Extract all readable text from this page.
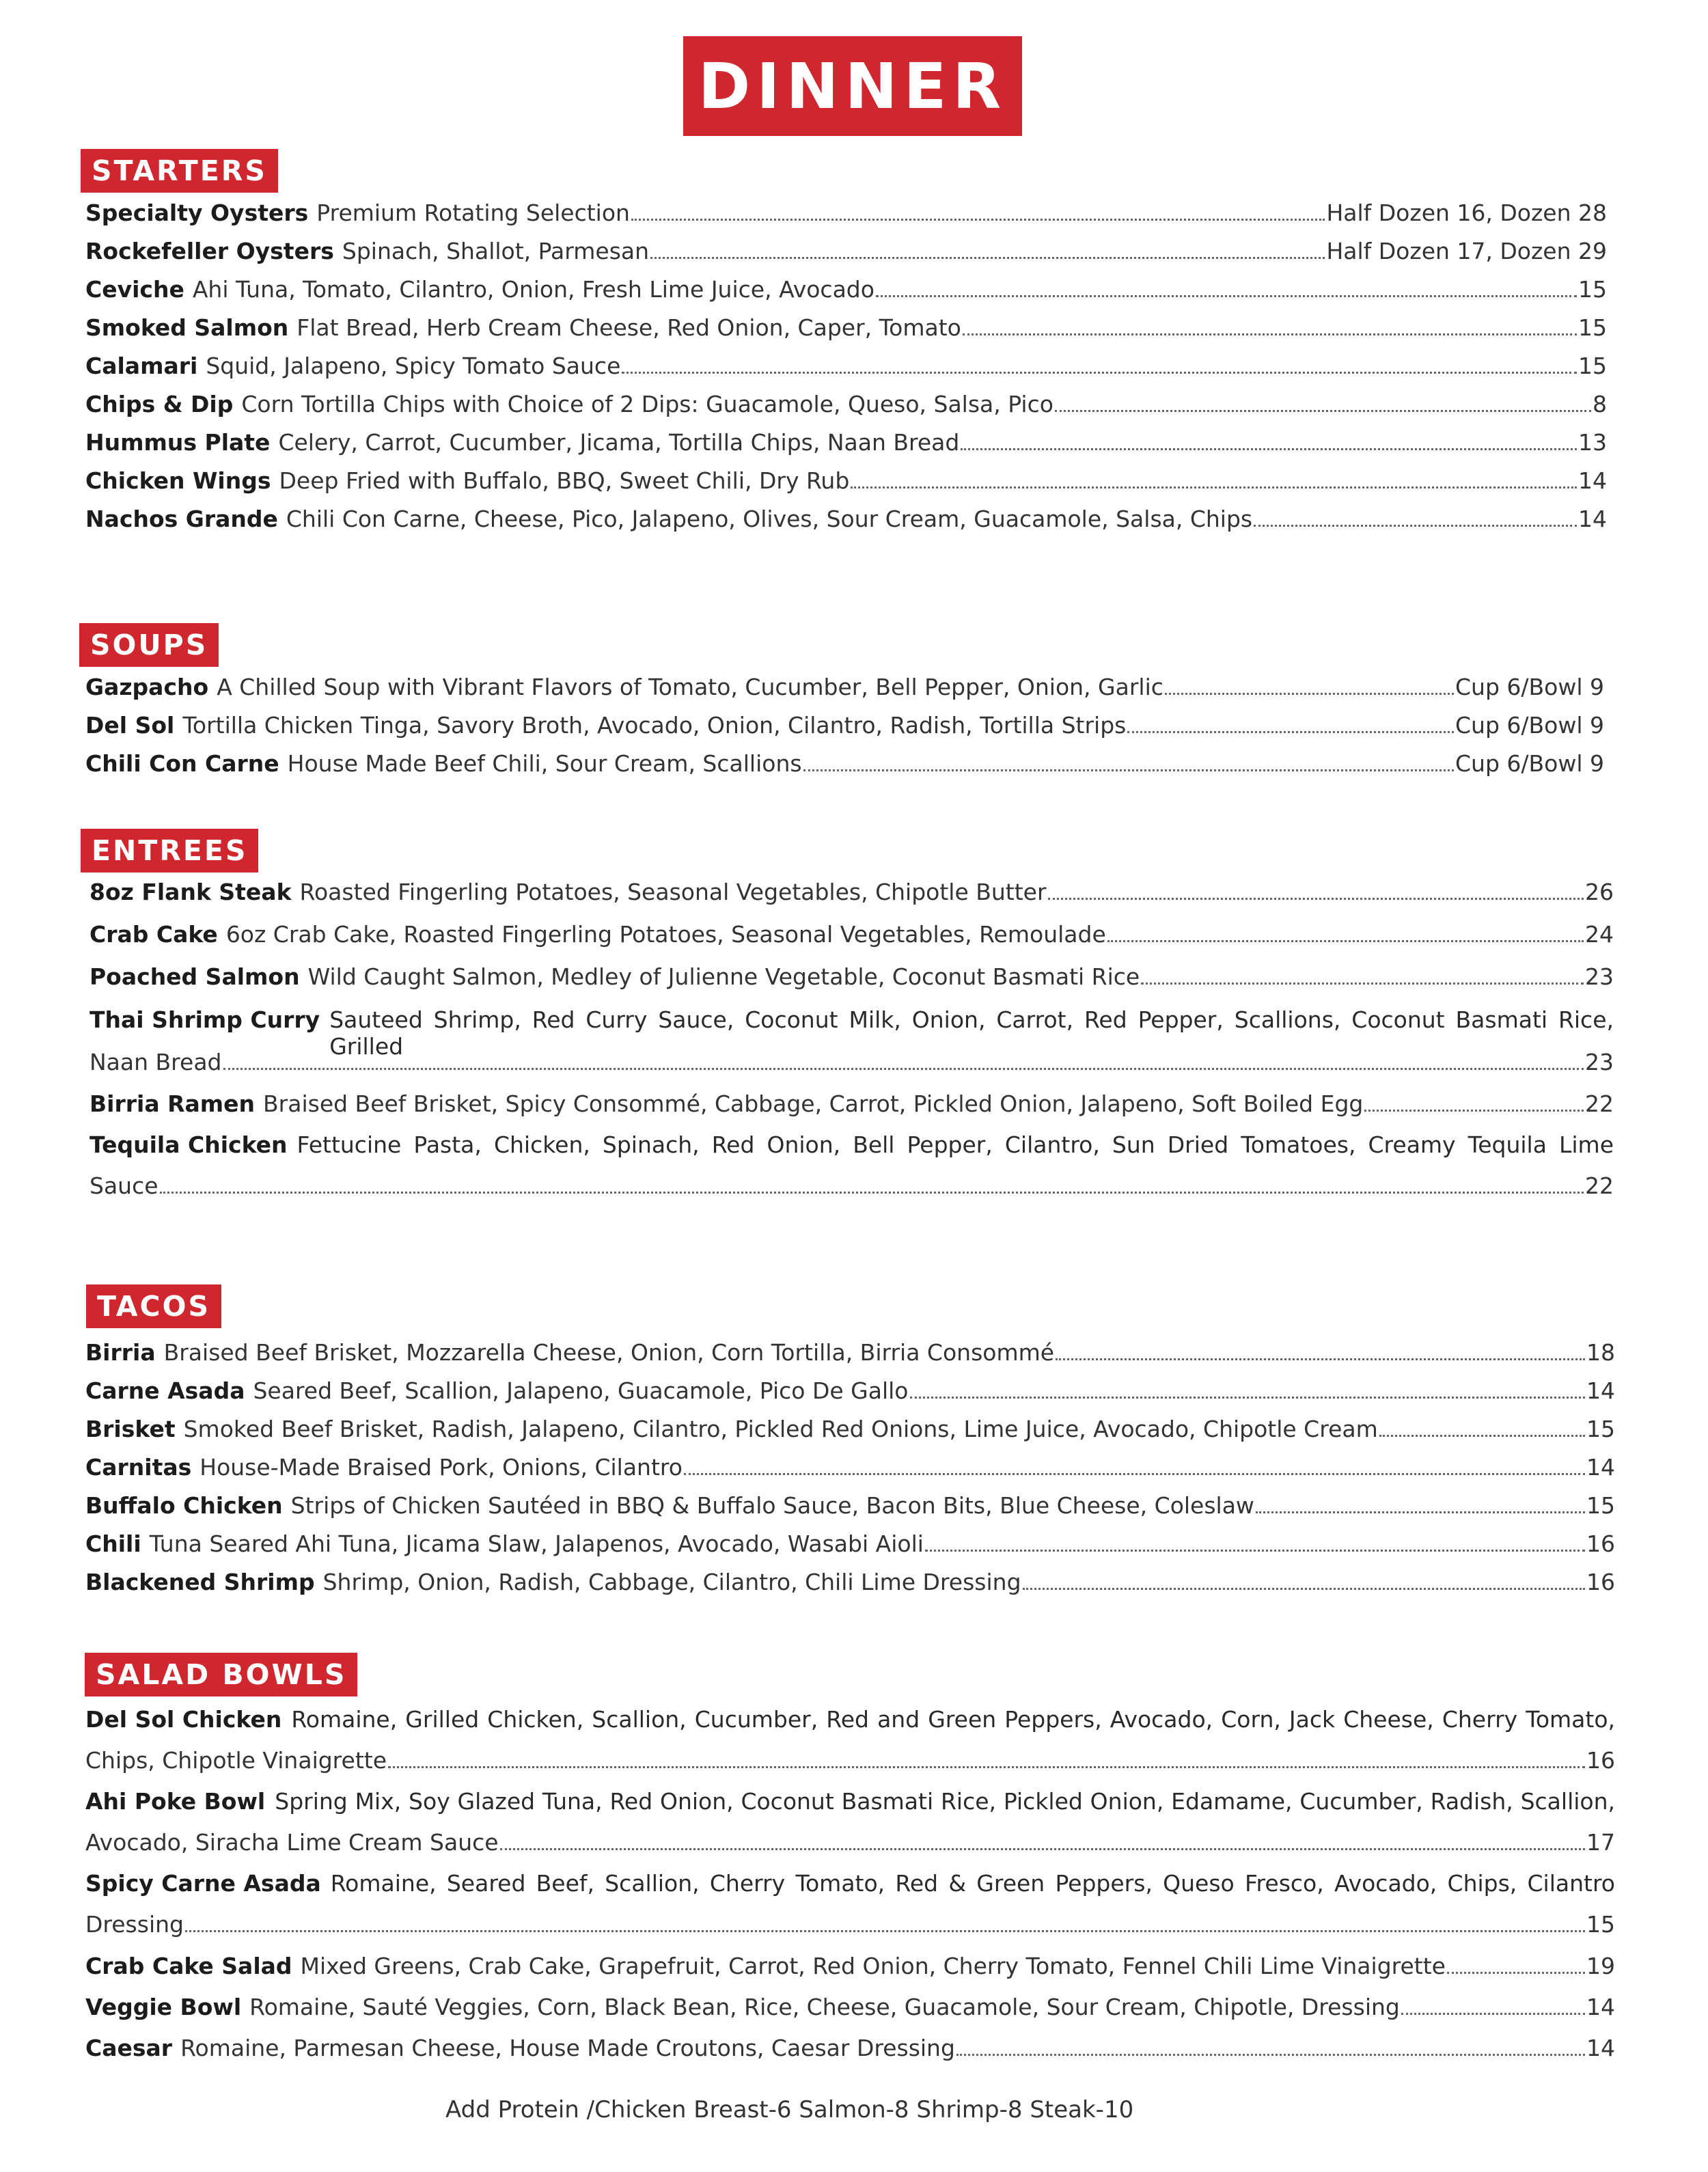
DINNER
STARTERS
Specialty Oysters Premium Rotating Selection	Half Dozen 16, Dozen 28
Rockefeller Oysters Spinach, Shallot, Parmesan	Half Dozen 17, Dozen 29
Ceviche Ahi Tuna, Tomato, Cilantro, Onion, Fresh Lime Juice, Avocado	15
Smoked Salmon Flat Bread, Herb Cream Cheese, Red Onion, Caper, Tomato	15
Calamari Squid, Jalapeno, Spicy Tomato Sauce	15
Chips & Dip Corn Tortilla Chips with Choice of 2 Dips: Guacamole, Queso, Salsa, Pico	8
Hummus Plate Celery, Carrot, Cucumber, Jicama, Tortilla Chips, Naan Bread	13
Chicken Wings Deep Fried with Buffalo, BBQ, Sweet Chili, Dry Rub	14
Nachos Grande Chili Con Carne, Cheese, Pico, Jalapeno, Olives, Sour Cream, Guacamole, Salsa, Chips	14
SOUPS
Gazpacho A Chilled Soup with Vibrant Flavors of Tomato, Cucumber, Bell Pepper, Onion, Garlic	Cup 6/Bowl 9
Del Sol Tortilla Chicken Tinga, Savory Broth, Avocado, Onion, Cilantro, Radish, Tortilla Strips	Cup 6/Bowl 9
Chili Con Carne House Made Beef Chili, Sour Cream, Scallions	Cup 6/Bowl 9
ENTREES
8oz Flank Steak Roasted Fingerling Potatoes, Seasonal Vegetables, Chipotle Butter	26
Crab Cake 6oz Crab Cake, Roasted Fingerling Potatoes, Seasonal Vegetables, Remoulade	24
Poached Salmon Wild Caught Salmon, Medley of Julienne Vegetable, Coconut Basmati Rice	23
Thai Shrimp Curry Sauteed Shrimp, Red Curry Sauce, Coconut Milk, Onion, Carrot, Red Pepper, Scallions, Coconut Basmati Rice, Grilled
Naan Bread	23
Birria Ramen Braised Beef Brisket, Spicy Consommé, Cabbage, Carrot, Pickled Onion, Jalapeno, Soft Boiled Egg	22
Tequila Chicken Fettucine Pasta, Chicken, Spinach, Red Onion, Bell Pepper, Cilantro, Sun Dried Tomatoes, Creamy Tequila Lime
Sauce	22
TACOS
Birria Braised Beef Brisket, Mozzarella Cheese, Onion, Corn Tortilla, Birria Consommé	18
Carne Asada Seared Beef, Scallion, Jalapeno, Guacamole, Pico De Gallo	14
Brisket Smoked Beef Brisket, Radish, Jalapeno, Cilantro, Pickled Red Onions, Lime Juice, Avocado, Chipotle Cream	15
Carnitas House-Made Braised Pork, Onions, Cilantro	14
Buffalo Chicken Strips of Chicken Sautéed in BBQ & Buffalo Sauce, Bacon Bits, Blue Cheese, Coleslaw	15
Chili Tuna Seared Ahi Tuna, Jicama Slaw, Jalapenos, Avocado, Wasabi Aioli	16
Blackened Shrimp Shrimp, Onion, Radish, Cabbage, Cilantro, Chili Lime Dressing	16
SALAD BOWLS
Del Sol Chicken Romaine, Grilled Chicken, Scallion, Cucumber, Red and Green Peppers, Avocado, Corn, Jack Cheese, Cherry Tomato,
Chips, Chipotle Vinaigrette	16
Ahi Poke Bowl Spring Mix, Soy Glazed Tuna, Red Onion, Coconut Basmati Rice, Pickled Onion, Edamame, Cucumber, Radish, Scallion,
Avocado, Siracha Lime Cream Sauce	17
Spicy Carne Asada Romaine, Seared Beef, Scallion, Cherry Tomato, Red & Green Peppers, Queso Fresco, Avocado, Chips, Cilantro
Dressing	15
Crab Cake Salad Mixed Greens, Crab Cake, Grapefruit, Carrot, Red Onion, Cherry Tomato, Fennel Chili Lime Vinaigrette	19
Veggie Bowl Romaine, Sauté Veggies, Corn, Black Bean, Rice, Cheese, Guacamole, Sour Cream, Chipotle, Dressing	14
Caesar Romaine, Parmesan Cheese, House Made Croutons, Caesar Dressing	14
Add Protein /Chicken Breast-6 Salmon-8 Shrimp-8 Steak-10
